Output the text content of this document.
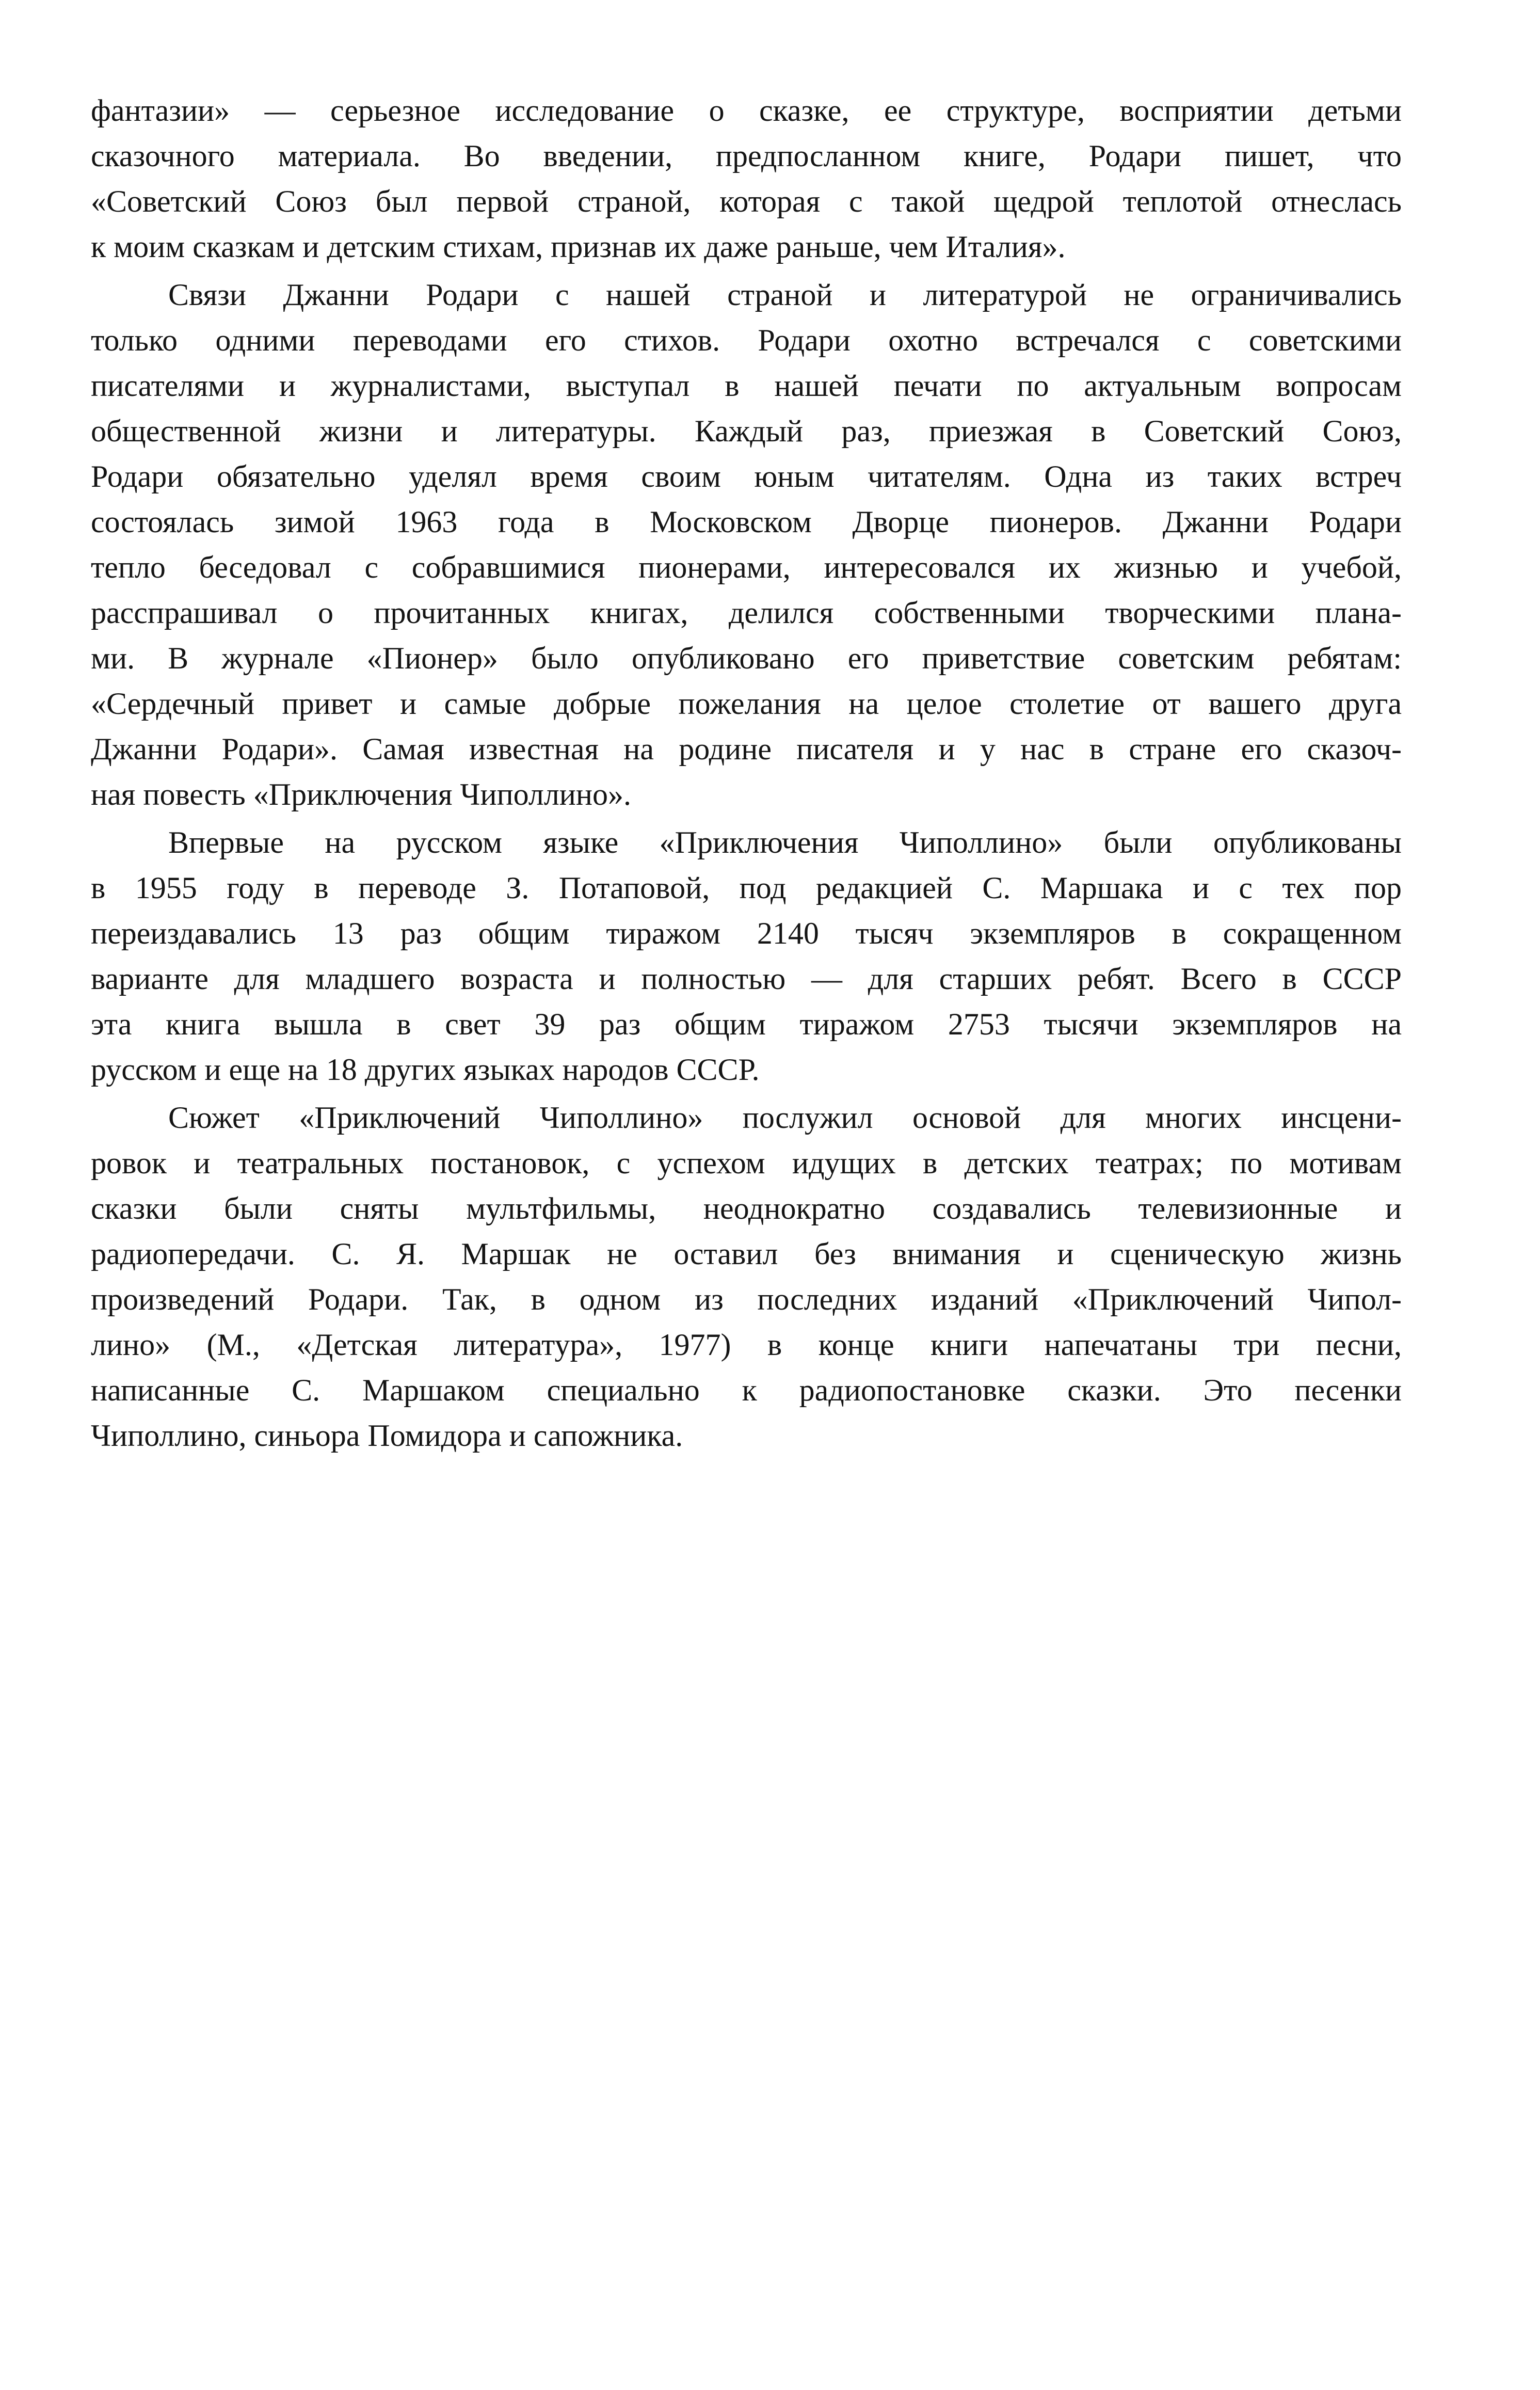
фантазии» — серьезное исследование о сказке, ее структуре, восприятии детьми
сказочного материала. Во введении, предпосланном книге, Родари пишет, что
«Советский Союз был первой страной, которая с такой щедрой теплотой отнеслась
к моим сказкам и детским стихам, признав их даже раньше, чем Италия».
Связи Джанни Родари с нашей страной и литературой не ограничивались
только одними переводами его стихов. Родари охотно встречался с советскими
писателями и журналистами, выступал в нашей печати по актуальным вопросам
общественной жизни и литературы. Каждый раз, приезжая в Советский Союз,
Родари обязательно уделял время своим юным читателям. Одна из таких встреч
состоялась зимой 1963 года в Московском Дворце пионеров. Джанни Родари
тепло беседовал с собравшимися пионерами, интересовался их жизнью и учебой,
расспрашивал о прочитанных книгах, делился собственными творческими плана-
ми. В журнале «Пионер» было опубликовано его приветствие советским ребятам:
«Сердечный привет и самые добрые пожелания на целое столетие от вашего друга
Джанни Родари». Самая известная на родине писателя и у нас в стране его сказоч-
ная повесть «Приключения Чиполлино».
Впервые на русском языке «Приключения Чиполлино» были опубликованы
в 1955 году в переводе З. Потаповой, под редакцией С. Маршака и с тех пор
переиздавались 13 раз общим тиражом 2140 тысяч экземпляров в сокращенном
варианте для младшего возраста и полностью — для старших ребят. Всего в СССР
эта книга вышла в свет 39 раз общим тиражом 2753 тысячи экземпляров на
русском и еще на 18 других языках народов СССР.
Сюжет «Приключений Чиполлино» послужил основой для многих инсцени-
ровок и театральных постановок, с успехом идущих в детских театрах; по мотивам
сказки были сняты мультфильмы, неоднократно создавались телевизионные и
радиопередачи. С. Я. Маршак не оставил без внимания и сценическую жизнь
произведений Родари. Так, в одном из последних изданий «Приключений Чипол-
лино» (М., «Детская литература», 1977) в конце книги напечатаны три песни,
написанные С. Маршаком специально к радиопостановке сказки. Это песенки
Чиполлино, синьора Помидора и сапожника.
